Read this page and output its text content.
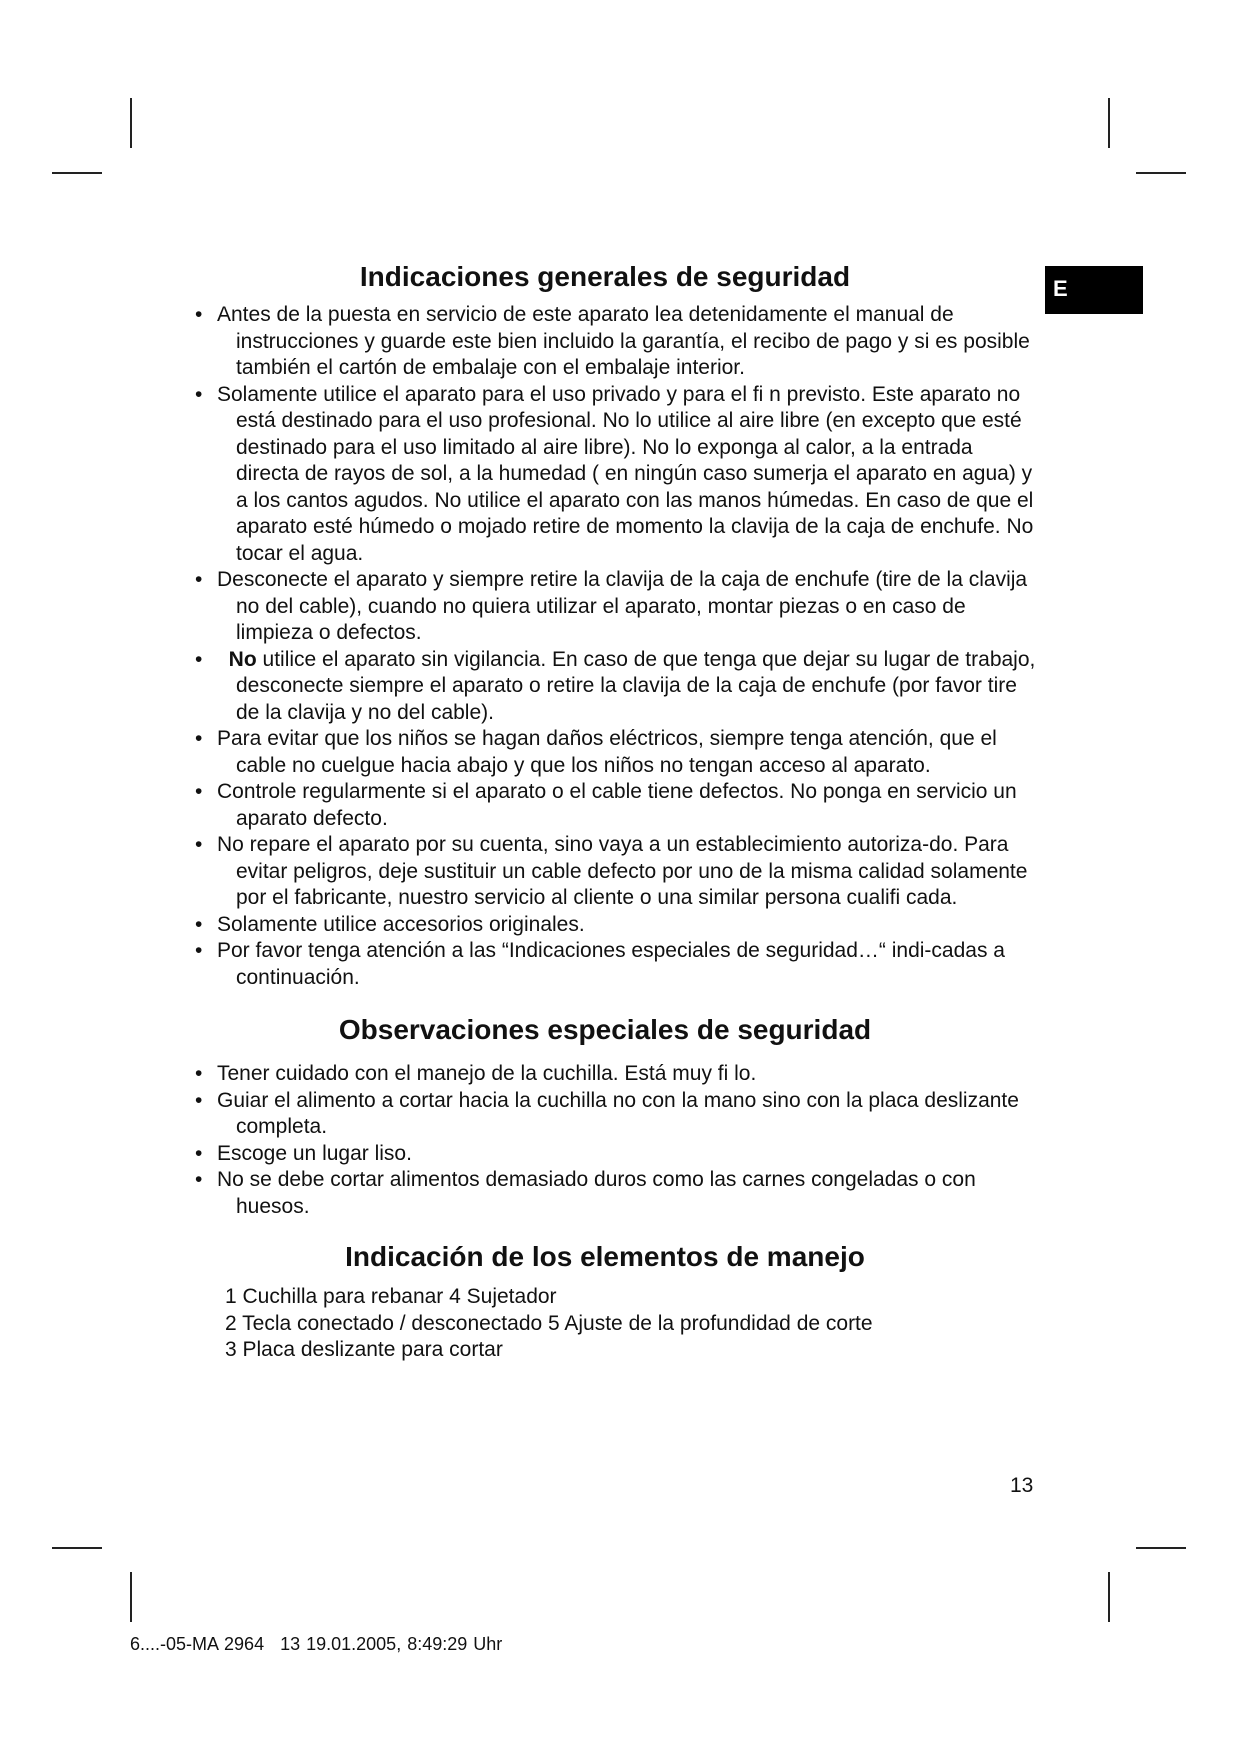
E
Indicaciones generales de seguridad
• Antes de la puesta en servicio de este aparato lea detenidamente el manual de instrucciones y guarde este bien incluido la garantía, el recibo de pago y si es posible también el cartón de embalaje con el embalaje interior.
• Solamente utilice el aparato para el uso privado y para el fi n previsto. Este aparato no está destinado para el uso profesional. No lo utilice al aire libre (en excepto que esté destinado para el uso limitado al aire libre). No lo exponga al calor, a la entrada directa de rayos de sol, a la humedad ( en ningún caso sumerja el aparato en agua) y a los cantos agudos. No utilice el aparato con las manos húmedas. En caso de que el aparato esté húmedo o mojado retire de momento la clavija de la caja de enchufe. No tocar el agua.
• Desconecte el aparato y siempre retire la clavija de la caja de enchufe (tire de la clavija no del cable), cuando no quiera utilizar el aparato, montar piezas o en caso de limpieza o defectos.
• No utilice el aparato sin vigilancia. En caso de que tenga que dejar su lugar de trabajo, desconecte siempre el aparato o retire la clavija de la caja de enchufe (por favor tire de la clavija y no del cable).
• Para evitar que los niños se hagan daños eléctricos, siempre tenga atención, que el cable no cuelgue hacia abajo y que los niños no tengan acceso al aparato.
• Controle regularmente si el aparato o el cable tiene defectos. No ponga en servicio un aparato defecto.
• No repare el aparato por su cuenta, sino vaya a un establecimiento autoriza-do. Para evitar peligros, deje sustituir un cable defecto por uno de la misma calidad solamente por el fabricante, nuestro servicio al cliente o una similar persona cualifi cada.
• Solamente utilice accesorios originales.
• Por favor tenga atención a las “Indicaciones especiales de seguridad…“ indi-cadas a continuación.
Observaciones especiales de seguridad
• Tener cuidado con el manejo de la cuchilla. Está muy fi lo.
• Guiar el alimento a cortar hacia la cuchilla no con la mano sino con la placa deslizante completa.
• Escoge un lugar liso.
• No se debe cortar alimentos demasiado duros como las carnes congeladas o con huesos.
Indicación de los elementos de manejo
1 Cuchilla para rebanar 4 Sujetador
2 Tecla conectado / desconectado 5 Ajuste de la profundidad de corte
3 Placa deslizante para cortar
13
6....-05-MA 2964 13 19.01.2005, 8:49:29 Uhr
